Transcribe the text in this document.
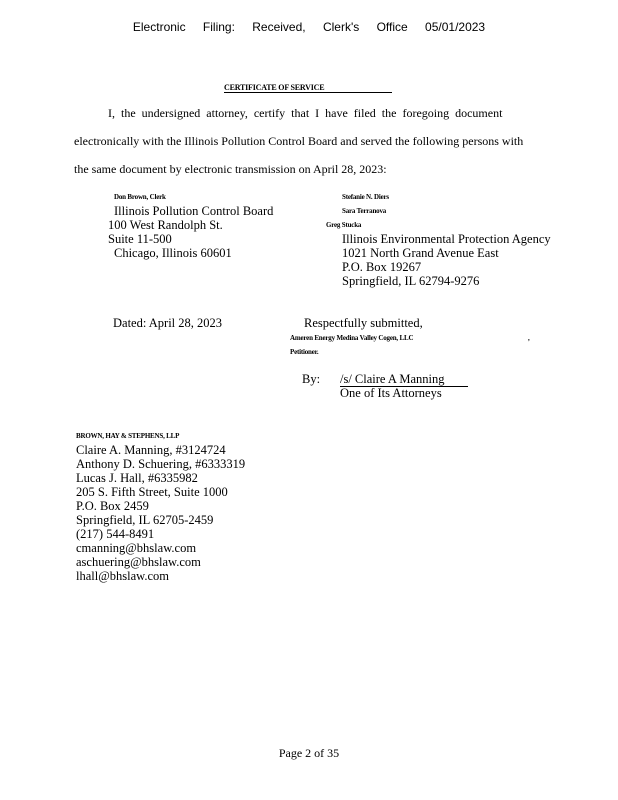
Electronic Filing: Received, Clerk's Office 05/01/2023
CERTIFICATE OF SERVICE
I, the undersigned attorney, certify that I have filed the foregoing document
electronically with the Illinois Pollution Control Board and served the following persons with
the same document by electronic transmission on April 28, 2023:
Don Brown, Clerk
Illinois Pollution Control Board
100 West Randolph St.
Suite 11-500
Chicago, Illinois 60601
Stefanie N. Diers
Sara Terranova
Greg Stucka
Illinois Environmental Protection Agency
1021 North Grand Avenue East
P.O. Box 19267
Springfield, IL 62794-9276
Dated: April 28, 2023	Respectfully submitted,
Ameren Energy Medina Valley Cogen, LLC	,
Petitioner.
By: /s/ Claire A Manning
One of Its Attorneys
BROWN, HAY & STEPHENS, LLP
Claire A. Manning, #3124724
Anthony D. Schuering, #6333319
Lucas J. Hall, #6335982
205 S. Fifth Street, Suite 1000
P.O. Box 2459
Springfield, IL 62705-2459
(217) 544-8491
cmanning@bhslaw.com
aschuering@bhslaw.com
lhall@bhslaw.com
Page 2 of 35
